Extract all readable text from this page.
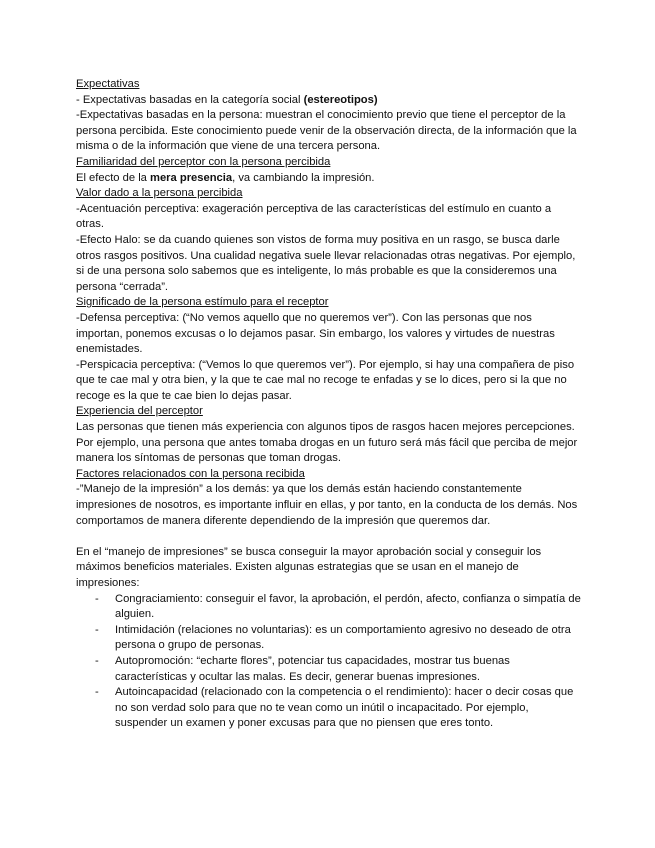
Expectativas

- Expectativas basadas en la categoría social (estereotipos)

-Expectativas basadas en la persona: muestran el conocimiento previo que tiene el perceptor de la persona percibida. Este conocimiento puede venir de la observación directa, de la información que la misma o de la información que viene de una tercera persona.

Familiaridad del perceptor con la persona percibida

El efecto de la mera presencia, va cambiando la impresión.

Valor dado a la persona percibida

-Acentuación perceptiva: exageración perceptiva de las características del estímulo en cuanto a otras.

-Efecto Halo: se da cuando quienes son vistos de forma muy positiva en un rasgo, se busca darle otros rasgos positivos. Una cualidad negativa suele llevar relacionadas otras negativas. Por ejemplo, si de una persona solo sabemos que es inteligente, lo más probable es que la consideremos una persona “cerrada”.

Significado de la persona estímulo para el receptor

-Defensa perceptiva: (“No vemos aquello que no queremos ver”). Con las personas que nos importan, ponemos excusas o lo dejamos pasar. Sin embargo, los valores y virtudes de nuestras enemistades.

-Perspicacia perceptiva: (“Vemos lo que queremos ver”). Por ejemplo, si hay una compañera de piso que te cae mal y otra bien, y la que te cae mal no recoge te enfadas y se lo dices, pero si la que no recoge es la que te cae bien lo dejas pasar.

Experiencia del perceptor

Las personas que tienen más experiencia con algunos tipos de rasgos hacen mejores percepciones. Por ejemplo, una persona que antes tomaba drogas en un futuro será más fácil que perciba de mejor manera los síntomas de personas que toman drogas.

Factores relacionados con la persona recibida

-”Manejo de la impresión” a los demás: ya que los demás están haciendo constantemente impresiones de nosotros, es importante influir en ellas, y por tanto, en la conducta de los demás. Nos comportamos de manera diferente dependiendo de la impresión que queremos dar.

En el “manejo de impresiones” se busca conseguir la mayor aprobación social y conseguir los máximos beneficios materiales. Existen algunas estrategias que se usan en el manejo de impresiones:

- Congraciamiento: conseguir el favor, la aprobación, el perdón, afecto, confianza o simpatía de alguien.
- Intimidación (relaciones no voluntarias): es un comportamiento agresivo no deseado de otra persona o grupo de personas.
- Autopromoción: “echarte flores”, potenciar tus capacidades, mostrar tus buenas características y ocultar las malas. Es decir, generar buenas impresiones.
- Autoincapacidad (relacionado con la competencia o el rendimiento): hacer o decir cosas que no son verdad solo para que no te vean como un inútil o incapacitado. Por ejemplo, suspender un examen y poner excusas para que no piensen que eres tonto.
